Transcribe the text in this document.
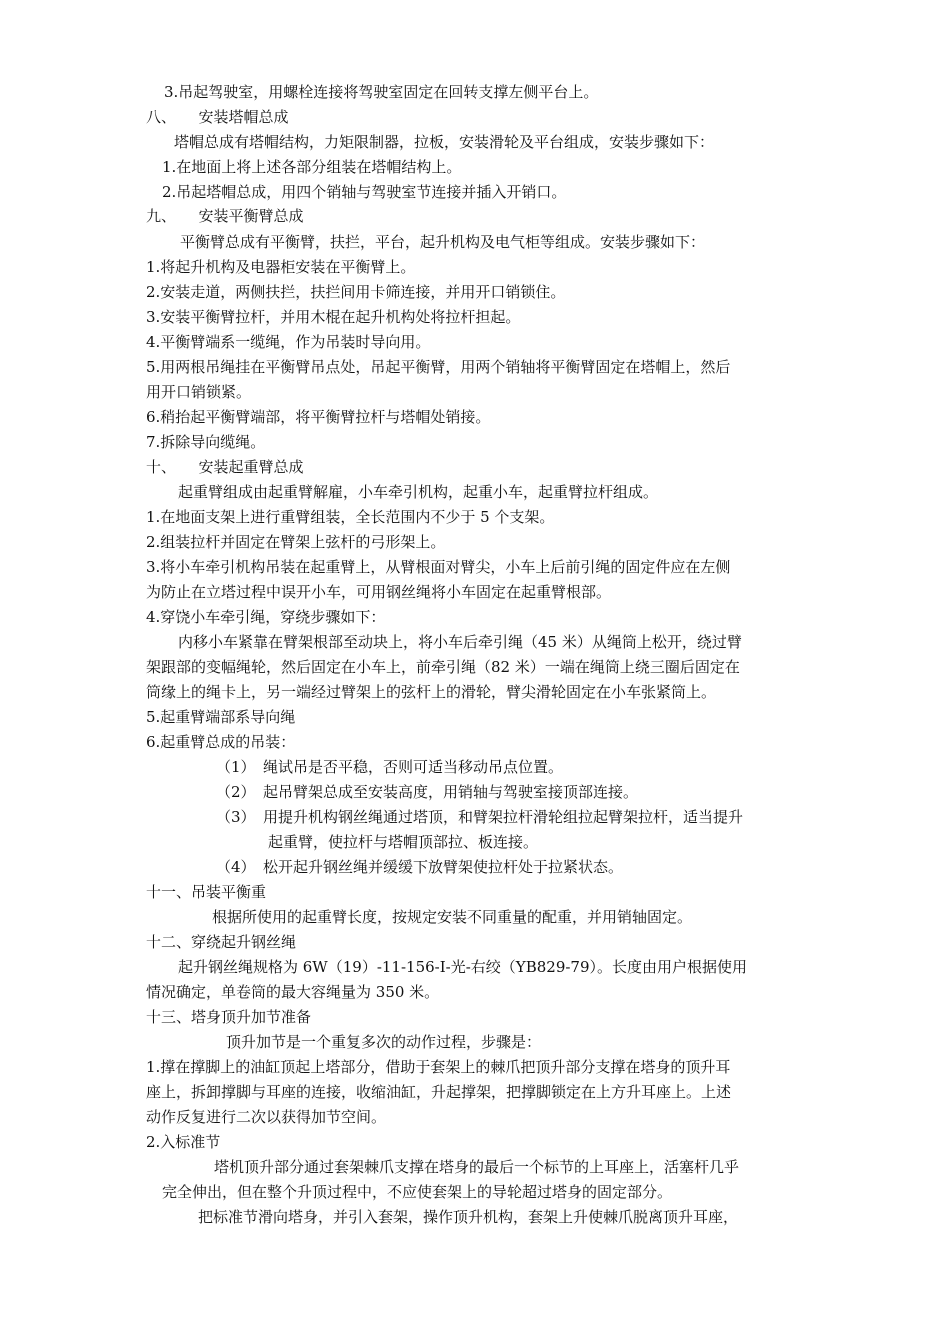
3.吊起驾驶室，用螺栓连接将驾驶室固定在回转支撑左侧平台上。
八、　　安装塔帽总成
塔帽总成有塔帽结构，力矩限制器，拉板，安装滑轮及平台组成，安装步骤如下：
1.在地面上将上述各部分组装在塔帽结构上。
2.吊起塔帽总成，用四个销轴与驾驶室节连接并插入开销口。
九、　　安装平衡臂总成
平衡臂总成有平衡臂，扶拦，平台，起升机构及电气柜等组成。安装步骤如下：
1.将起升机构及电器柜安装在平衡臂上。
2.安装走道，两侧扶拦，扶拦间用卡筛连接，并用开口销锁住。
3.安装平衡臂拉杆，并用木棍在起升机构处将拉杆担起。
4.平衡臂端系一缆绳，作为吊装时导向用。
5.用两根吊绳挂在平衡臂吊点处，吊起平衡臂，用两个销轴将平衡臂固定在塔帽上，然后
用开口销锁紧。
6.稍抬起平衡臂端部，将平衡臂拉杆与塔帽处销接。
7.拆除导向缆绳。
十、　　安装起重臂总成
起重臂组成由起重臂解雇，小车牵引机构，起重小车，起重臂拉杆组成。
1.在地面支架上进行重臂组装，全长范围内不少于 5 个支架。
2.组装拉杆并固定在臂架上弦杆的弓形架上。
3.将小车牵引机构吊装在起重臂上，从臂根面对臂尖，小车上后前引绳的固定件应在左侧
为防止在立塔过程中误开小车，可用钢丝绳将小车固定在起重臂根部。
4.穿饶小车牵引绳，穿绕步骤如下：
内移小车紧靠在臂架根部至动块上，将小车后牵引绳（45 米）从绳筒上松开，绕过臂
架跟部的变幅绳轮，然后固定在小车上，前牵引绳（82 米）一端在绳筒上绕三圈后固定在
筒缘上的绳卡上，另一端经过臂架上的弦杆上的滑轮，臂尖滑轮固定在小车张紧筒上。
5.起重臂端部系导向绳
6.起重臂总成的吊装：
（1）　绳试吊是否平稳，否则可适当移动吊点位置。
（2）　起吊臂架总成至安装高度，用销轴与驾驶室接顶部连接。
（3）　用提升机构钢丝绳通过塔顶，和臂架拉杆滑轮组拉起臂架拉杆，适当提升
起重臂，使拉杆与塔帽顶部拉、板连接。
（4）　松开起升钢丝绳并缓缓下放臂架使拉杆处于拉紧状态。
十一、吊装平衡重
根据所使用的起重臂长度，按规定安装不同重量的配重，并用销轴固定。
十二、穿绕起升钢丝绳
起升钢丝绳规格为 6W（19）-11-156-Ⅰ-光-右绞（YB829-79）。长度由用户根据使用
情况确定，单卷筒的最大容绳量为 350 米。
十三、塔身顶升加节准备
顶升加节是一个重复多次的动作过程，步骤是：
1.撑在撑脚上的油缸顶起上塔部分，借助于套架上的棘爪把顶升部分支撑在塔身的顶升耳
座上，拆卸撑脚与耳座的连接，收缩油缸，升起撑架，把撑脚锁定在上方升耳座上。上述
动作反复进行二次以获得加节空间。
2.入标准节
塔机顶升部分通过套架棘爪支撑在塔身的最后一个标节的上耳座上，活塞杆几乎
完全伸出，但在整个升顶过程中，不应使套架上的导轮超过塔身的固定部分。
把标准节滑向塔身，并引入套架，操作顶升机构，套架上升使棘爪脱离顶升耳座，
